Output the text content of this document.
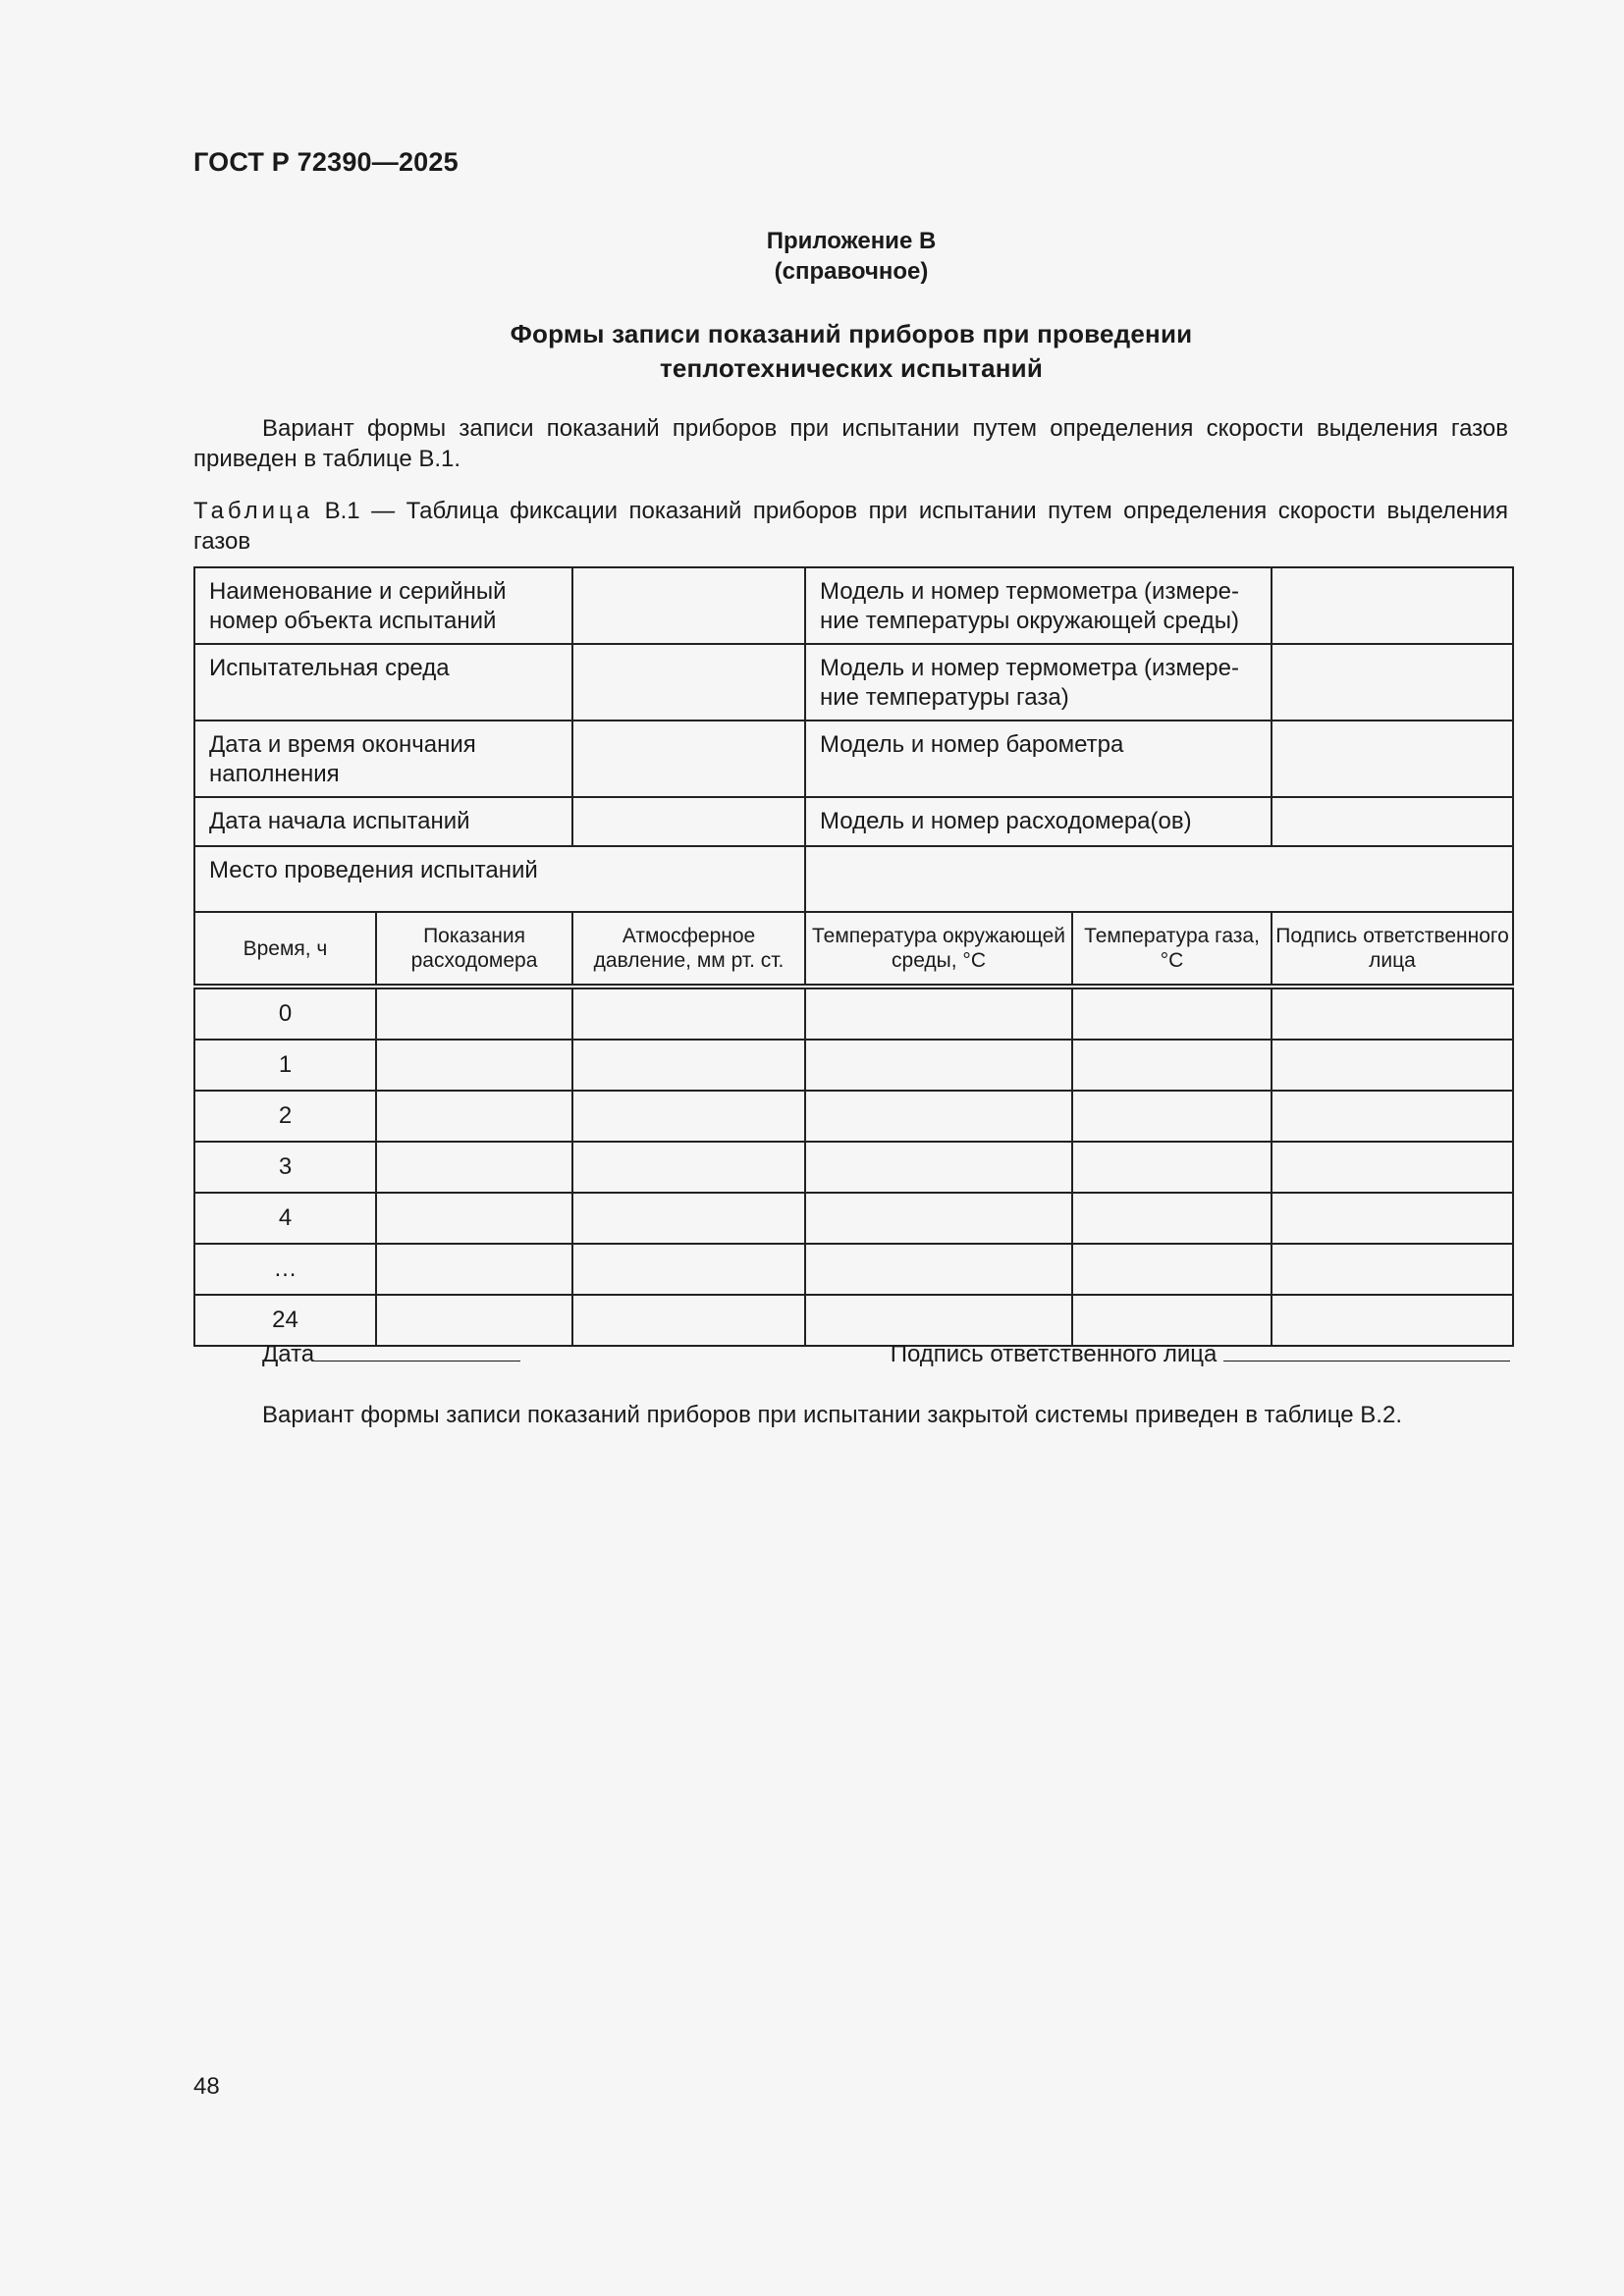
ГОСТ Р 72390—2025
Приложение В
(справочное)
Формы записи показаний приборов при проведении
теплотехнических испытаний
Вариант формы записи показаний приборов при испытании путем определения скорости выделения газов приведен в таблице В.1.
Таблица В.1 — Таблица фиксации показаний приборов при испытании путем определения скорости выделения газов
Наименование и серийный номер объекта испытаний			Модель и номер термометра (измере-ние температуры окружающей среды)		
Испытательная среда			Модель и номер термометра (измере-ние температуры газа)		
Дата и время окончания наполнения			Модель и номер барометра		
Дата начала испытаний			Модель и номер расходомера(ов)		
Место проведения испытаний					
Время, ч	Показания расходомера	Атмосферное давление, мм рт. ст.	Температура окружающей среды, °С	Температура газа, °С	Подпись ответственного лица
0					
1					
2					
3					
4					
…					
24					
Дата	Подпись ответственного лица
Вариант формы записи показаний приборов при испытании закрытой системы приведен в таблице В.2.
48
